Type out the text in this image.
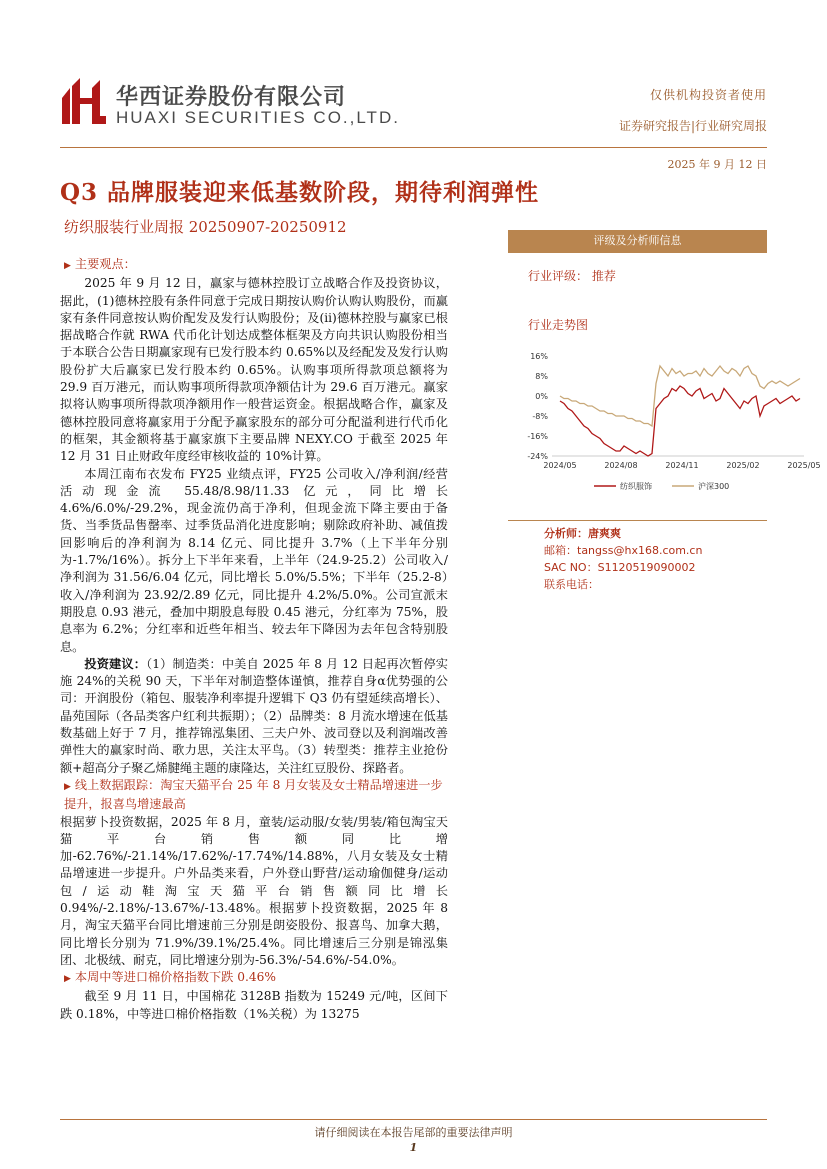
华西证券股份有限公司
HUAXI SECURITIES CO.,LTD.
仅供机构投资者使用
证券研究报告|行业研究周报
2025 年 9 月 12 日
Q3 品牌服装迎来低基数阶段，期待利润弹性
纺织服装行业周报 20250907-20250912
▶ 主要观点：

2025 年 9 月 12 日，赢家与德林控股订立战略合作及投资协议，据此，(1)德林控股有条件同意于完成日期按认购价认购认购股份，而赢家有条件同意按认购价配发及发行认购股份；及(ii)德林控股与赢家已根据战略合作就 RWA 代币化计划达成整体框架及方向共识认购股份相当于本联合公告日期赢家现有已发行股本约 0.65%以及经配发及发行认购股份扩大后赢家已发行股本约 0.65%。认购事项所得款项总额将为 29.9 百万港元，而认购事项所得款项净额估计为 29.6 百万港元。赢家拟将认购事项所得款项净额用作一般营运资金。根据战略合作，赢家及德林控股同意将赢家用于分配予赢家股东的部分可分配溢利进行代币化的框架，其金额将基于赢家旗下主要品牌 NEXY.CO 于截至 2025 年 12 月 31 日止财政年度经审核收益的 10%计算。

本周江南布衣发布 FY25 业绩点评，FY25 公司收入/净利润/经营活动现金流 55.48/8.98/11.33 亿元，同比增长 4.6%/6.0%/-29.2%，现金流仍高于净利，但现金流下降主要由于备货、当季货品售罄率、过季货品消化进度影响；剔除政府补助、减值拨回影响后的净利润为 8.14 亿元、同比提升 3.7%（上下半年分别为-1.7%/16%）。拆分上下半年来看，上半年（24.9-25.2）公司收入/净利润为 31.56/6.04 亿元，同比增长 5.0%/5.5%；下半年（25.2-8）收入/净利润为 23.92/2.89 亿元，同比提升 4.2%/5.0%。公司宣派末期股息 0.93 港元，叠加中期股息每股 0.45 港元，分红率为 75%，股息率为 6.2%；分红率和近些年相当、较去年下降因为去年包含特别股息。

投资建议：（1）制造类：中美自 2025 年 8 月 12 日起再次暂停实施 24%的关税 90 天，下半年对制造整体谨慎，推荐自身α优势强的公司：开润股份（箱包、服装净利率提升逻辑下 Q3 仍有望延续高增长）、晶苑国际（各品类客户红利共振期）；（2）品牌类：8 月流水增速在低基数基础上好于 7 月，推荐锦泓集团、三夫户外、波司登以及利润端改善弹性大的赢家时尚、歌力思，关注太平鸟。（3）转型类：推荐主业抢份额+超高分子聚乙烯腱绳主题的康隆达，关注红豆股份、探路者。

▶ 线上数据跟踪：淘宝天猫平台 25 年 8 月女装及女士精品增速进一步提升，报喜鸟增速最高

根据萝卜投资数据，2025 年 8 月，童装/运动服/女装/男装/箱包淘宝天猫平台销售额同比增加-62.76%/-21.14%/17.62%/-17.74%/14.88%，八月女装及女士精品增速进一步提升。户外品类来看，户外登山野营/运动瑜伽健身/运动包/运动鞋淘宝天猫平台销售额同比增长 0.94%/-2.18%/-13.67%/-13.48%。根据萝卜投资数据，2025 年 8 月，淘宝天猫平台同比增速前三分别是朗姿股份、报喜鸟、加拿大鹅，同比增长分别为 71.9%/39.1%/25.4%。同比增速后三分别是锦泓集团、北极绒、耐克，同比增速分别为-56.3%/-54.6%/-54.0%。

▶ 本周中等进口棉价格指数下跌 0.46%

截至 9 月 11 日，中国棉花 3128B 指数为 15249 元/吨，区间下跌 0.18%，中等进口棉价格指数（1%关税）为 13275

评级及分析师信息
行业评级： 推荐
行业走势图
16%
8%
0%
-8%
-16%
-24%
2024/05	2024/08	2024/11	2025/02	2025/05
纺织服饰	沪深300
分析师：唐爽爽
邮箱：tangss@hx168.com.cn
SAC NO：S1120519090002
联系电话：
请仔细阅读在本报告尾部的重要法律声明
1
